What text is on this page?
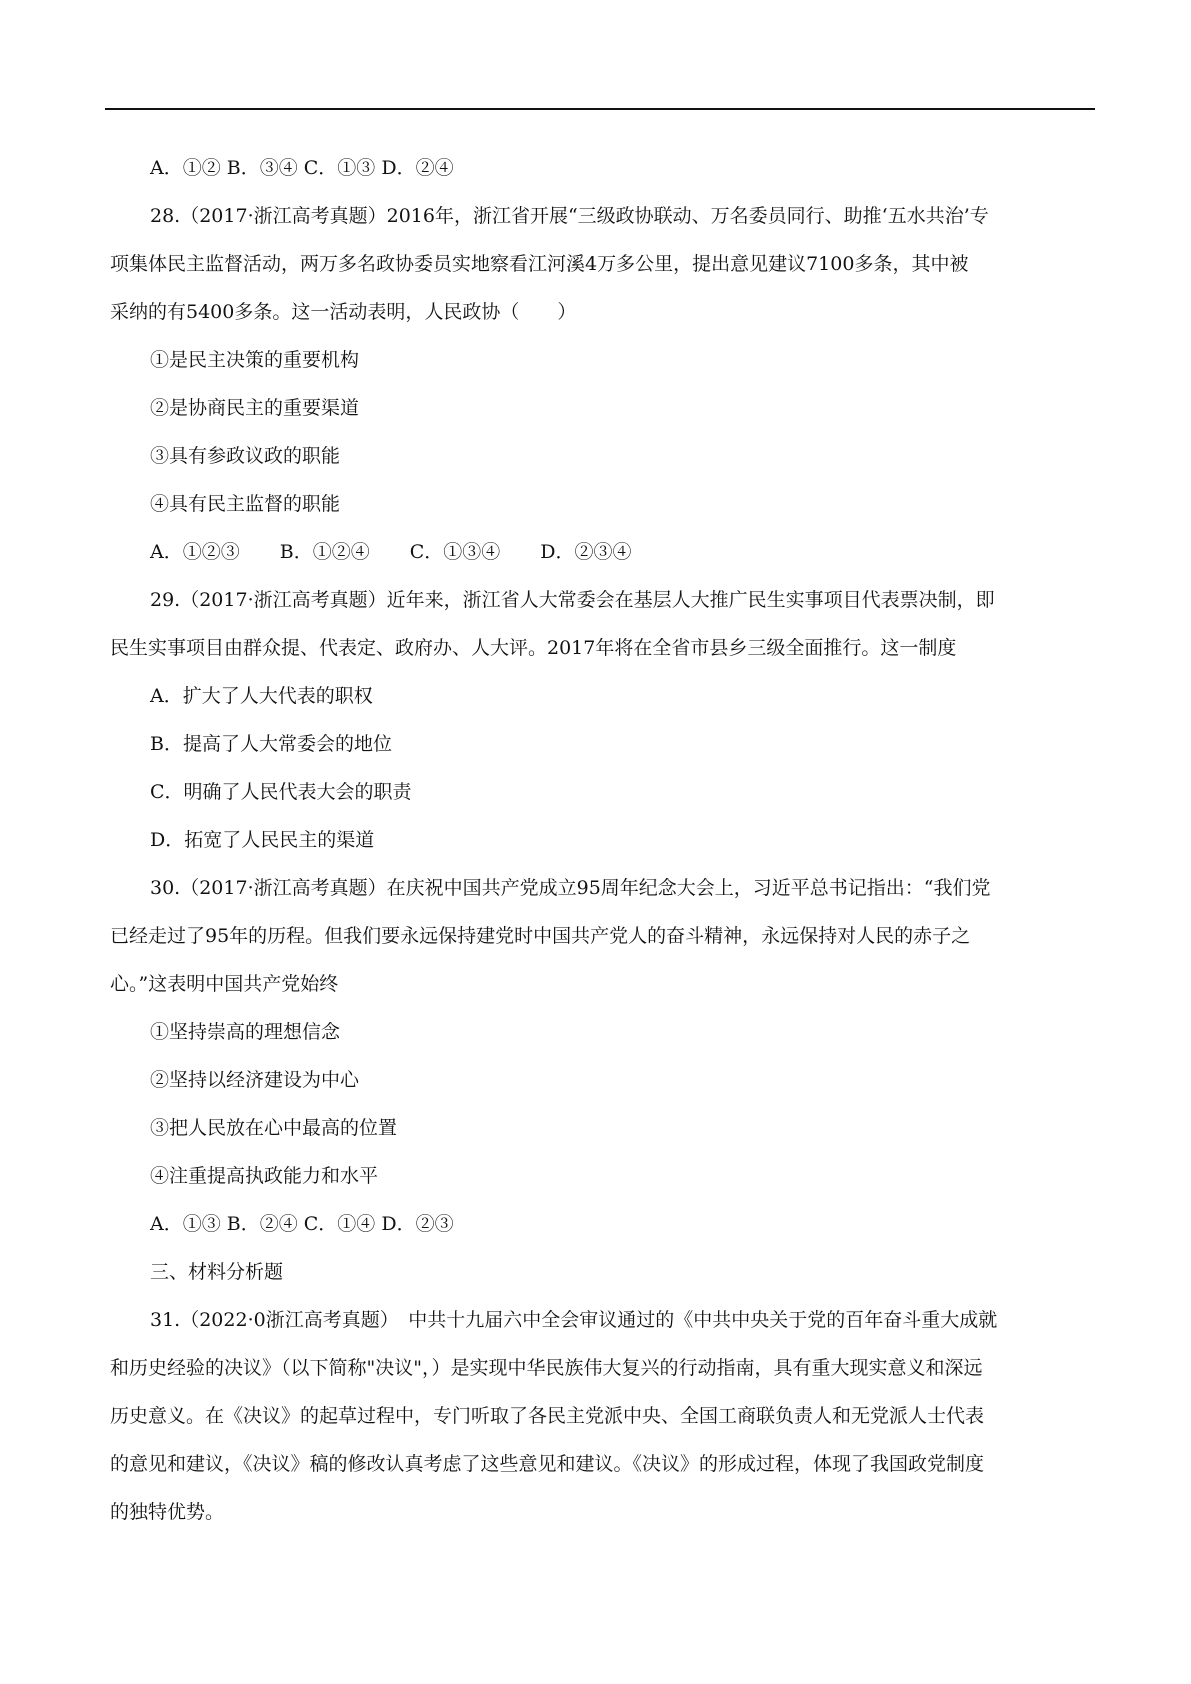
A．①② B．③④ C．①③ D．②④

28.（2017·浙江高考真题）2016年，浙江省开展“三级政协联动、万名委员同行、助推‘五水共治’专

项集体民主监督活动，两万多名政协委员实地察看江河溪4万多公里，提出意见建议7100多条，其中被

采纳的有5400多条。这一活动表明，人民政协（　　）

①是民主决策的重要机构

②是协商民主的重要渠道

③具有参政议政的职能

④具有民主监督的职能

A．①②③ B．①②④ C．①③④ D．②③④

29.（2017·浙江高考真题）近年来，浙江省人大常委会在基层人大推广民生实事项目代表票决制，即

民生实事项目由群众提、代表定、政府办、人大评。2017年将在全省市县乡三级全面推行。这一制度

A．扩大了人大代表的职权

B．提高了人大常委会的地位

C．明确了人民代表大会的职责

D．拓宽了人民民主的渠道

30.（2017·浙江高考真题）在庆祝中国共产党成立95周年纪念大会上，习近平总书记指出：“我们党

已经走过了95年的历程。但我们要永远保持建党时中国共产党人的奋斗精神，永远保持对人民的赤子之

心。”这表明中国共产党始终

①坚持崇高的理想信念

②坚持以经济建设为中心

③把人民放在心中最高的位置

④注重提高执政能力和水平

A．①③ B．②④ C．①④ D．②③

三、材料分析题

31.（2022·0浙江高考真题）　中共十九届六中全会审议通过的《中共中央关于党的百年奋斗重大成就

和历史经验的决议》（以下简称"决议"，）是实现中华民族伟大复兴的行动指南，具有重大现实意义和深远

历史意义。在《决议》的起草过程中，专门听取了各民主党派中央、全国工商联负责人和无党派人士代表

的意见和建议，《决议》稿的修改认真考虑了这些意见和建议。《决议》的形成过程，体现了我国政党制度

的独特优势。
